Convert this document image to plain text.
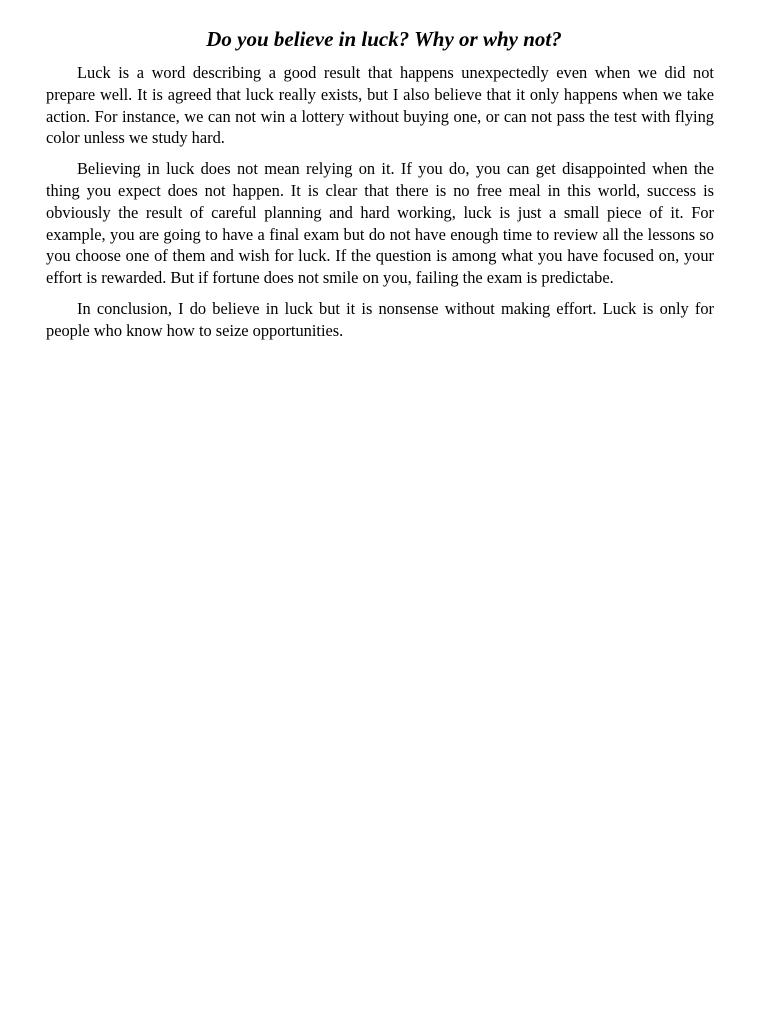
Do you believe in luck? Why or why not?

Luck is a word describing a good result that happens unexpectedly even when we did not prepare well. It is agreed that luck really exists, but I also believe that it only happens when we take action. For instance, we can not win a lottery without buying one, or can not pass the test with flying color unless we study hard.

Believing in luck does not mean relying on it. If you do, you can get disappointed when the thing you expect does not happen. It is clear that there is no free meal in this world, success is obviously the result of careful planning and hard working, luck is just a small piece of it. For example, you are going to have a final exam but do not have enough time to review all the lessons so you choose one of them and wish for luck. If the question is among what you have focused on, your effort is rewarded. But if fortune does not smile on you, failing the exam is predictabe.

In conclusion, I do believe in luck but it is nonsense without making effort. Luck is only for people who know how to seize opportunities.
